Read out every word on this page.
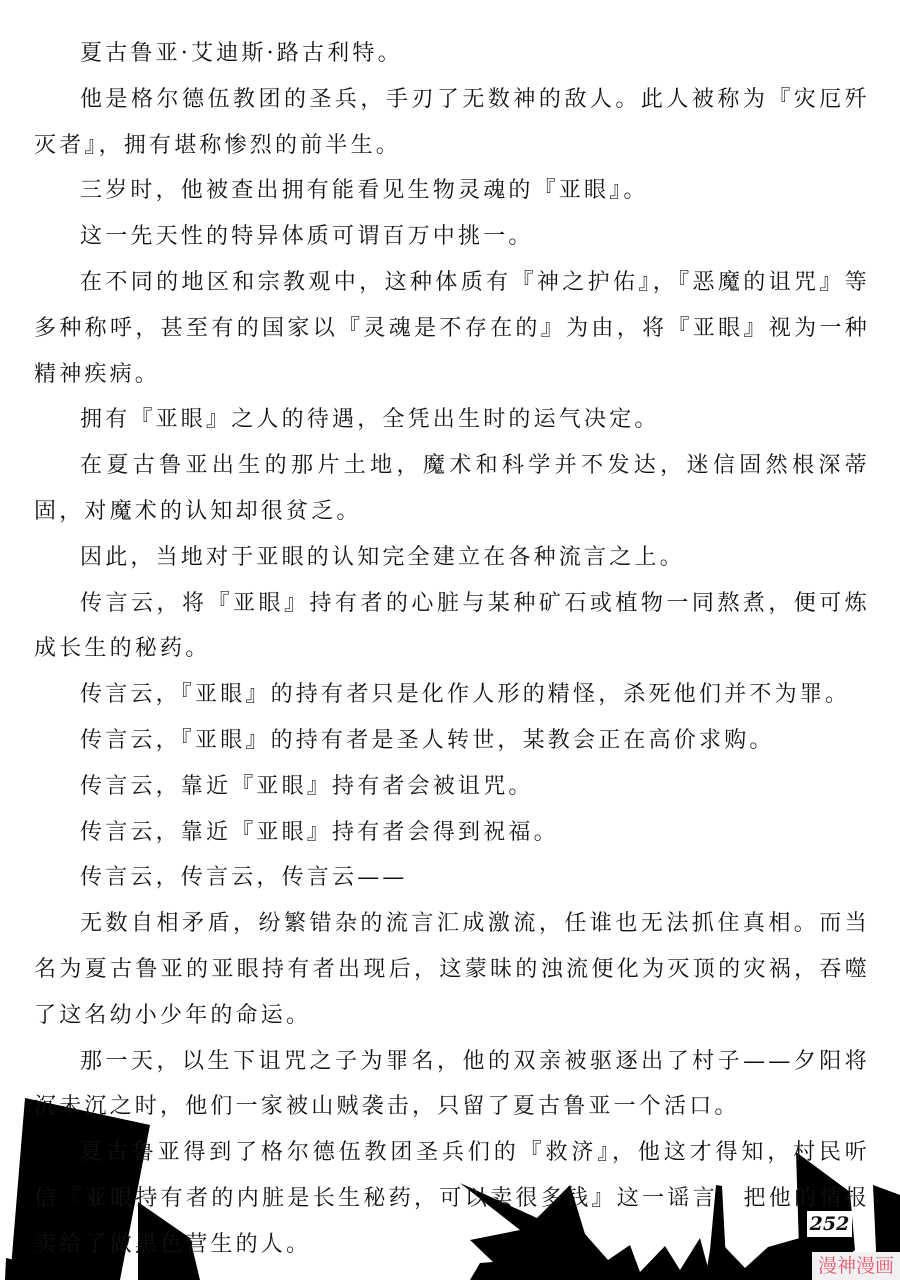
夏古鲁亚·艾迪斯·路古利特。

他是格尔德伍教团的圣兵，手刃了无数神的敌人。此人被称为『灾厄歼灭者』，拥有堪称惨烈的前半生。

三岁时，他被查出拥有能看见生物灵魂的『亚眼』。

这一先天性的特异体质可谓百万中挑一。

在不同的地区和宗教观中，这种体质有『神之护佑』，『恶魔的诅咒』等多种称呼，甚至有的国家以『灵魂是不存在的』为由，将『亚眼』视为一种精神疾病。

拥有『亚眼』之人的待遇，全凭出生时的运气决定。

在夏古鲁亚出生的那片土地，魔术和科学并不发达，迷信固然根深蒂固，对魔术的认知却很贫乏。

因此，当地对于亚眼的认知完全建立在各种流言之上。

传言云，将『亚眼』持有者的心脏与某种矿石或植物一同熬煮，便可炼成长生的秘药。

传言云，『亚眼』的持有者只是化作人形的精怪，杀死他们并不为罪。

传言云，『亚眼』的持有者是圣人转世，某教会正在高价求购。

传言云，靠近『亚眼』持有者会被诅咒。

传言云，靠近『亚眼』持有者会得到祝福。

传言云，传言云，传言云——

无数自相矛盾，纷繁错杂的流言汇成激流，任谁也无法抓住真相。而当名为夏古鲁亚的亚眼持有者出现后，这蒙昧的浊流便化为灭顶的灾祸，吞噬了这名幼小少年的命运。

那一天，以生下诅咒之子为罪名，他的双亲被驱逐出了村子——夕阳将沉未沉之时，他们一家被山贼袭击，只留了夏古鲁亚一个活口。

夏古鲁亚得到了格尔德伍教团圣兵们的『救济』，他这才得知，村民听信『亚眼持有者的内脏是长生秘药，可以卖很多钱』这一谣言，把他的情报卖给了做黑色营生的人。

252
漫神漫画
